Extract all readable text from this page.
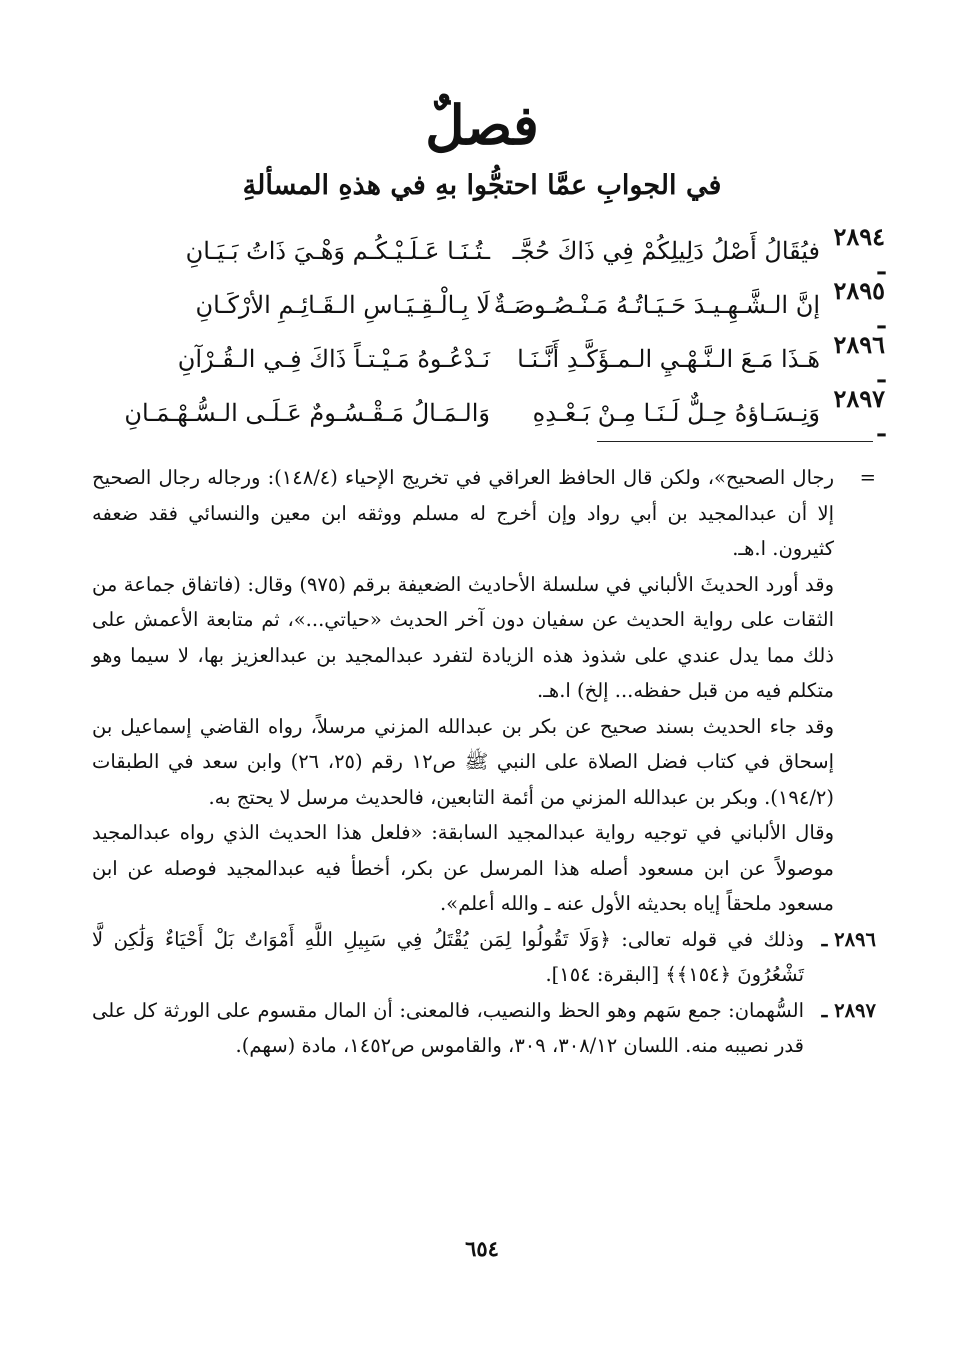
فصلٌ
في الجوابِ عمَّا احتجُّوا بهِ في هذهِ المسألةِ
٢٨٩٤ ـ
فيُقَالُ أَصْلُ دَلِيلِكُمْ فِي ذَاكَ حُجَّـ
ـتُـنَـا عَـلَـيْـكُـم وَهْـيَ ذَاتُ بَـيَـانِ
٢٨٩٥ ـ
إنَّ الـشَّـهِـيـدَ حَـيَـاتُـهُ مَـنْـصُـوصَـةٌ
لَا بِـالْـقِـيَـاسِ الـقَـائِـمِ الأرْكَـانِ
٢٨٩٦ ـ
هَـذَا مَـعَ الـنَّـهْـيِ الـمـؤَكَّـدِ أَنَّـنَـا
نَـدْعُـوهُ مَـيْـتـاً ذَاكَ فِـي الـقُـرْآنِ
٢٨٩٧ ـ
وَنِـسَـاؤهُ حِـلٌّ لَـنَـا مِـنْ بَـعْـدِهِ
وَالـمَـالُ مَـقْـسُـومٌ عَـلَـى الـسُّـهْـمَـانِ
=

رجال الصحيح»، ولكن قال الحافظ العراقي في تخريج الإحياء (١٤٨/٤): ورجاله رجال الصحيح إلا أن عبدالمجيد بن أبي رواد وإن أخرج له مسلم ووثقه ابن معين والنسائي فقد ضعفه كثيرون. ا.هـ.

وقد أورد الحديثَ الألباني في سلسلة الأحاديث الضعيفة برقم (٩٧٥) وقال: (فاتفاق جماعة من الثقات على رواية الحديث عن سفيان دون آخر الحديث «حياتي...»، ثم متابعة الأعمش على ذلك مما يدل عندي على شذوذ هذه الزيادة لتفرد عبدالمجيد بن عبدالعزيز بها، لا سيما وهو متكلم فيه من قبل حفظه... إلخ) ا.هـ.

وقد جاء الحديث بسند صحيح عن بكر بن عبدالله المزني مرسلاً، رواه القاضي إسماعيل بن إسحاق في كتاب فضل الصلاة على النبي ﷺ ص١٢ رقم (٢٥، ٢٦) وابن سعد في الطبقات (١٩٤/٢). وبكر بن عبدالله المزني من أئمة التابعين، فالحديث مرسل لا يحتج به.

وقال الألباني في توجيه رواية عبدالمجيد السابقة: «فلعل هذا الحديث الذي رواه عبدالمجيد موصولاً عن ابن مسعود أصله هذا المرسل عن بكر، أخطأ فيه عبدالمجيد فوصله عن ابن مسعود ملحقاً إياه بحديثه الأول عنه ـ والله أعلم».

٢٨٩٦ ـ
وذلك في قوله تعالى: ﴿وَلَا تَقُولُوا لِمَن يُقْتَلُ فِي سَبِيلِ اللَّهِ أَمْوَاتٌ بَلْ أَحْيَاءٌ وَلَٰكِن لَّا تَشْعُرُونَ ﴿١٥٤﴾﴾ [البقرة: ١٥٤].
٢٨٩٧ ـ
السُّهمان: جمع سَهم وهو الحظ والنصيب، فالمعنى: أن المال مقسوم على الورثة كل على قدر نصيبه منه. اللسان ٣٠٨/١٢، ٣٠٩، والقاموس ص١٤٥٢، مادة (سهم).
٦٥٤
